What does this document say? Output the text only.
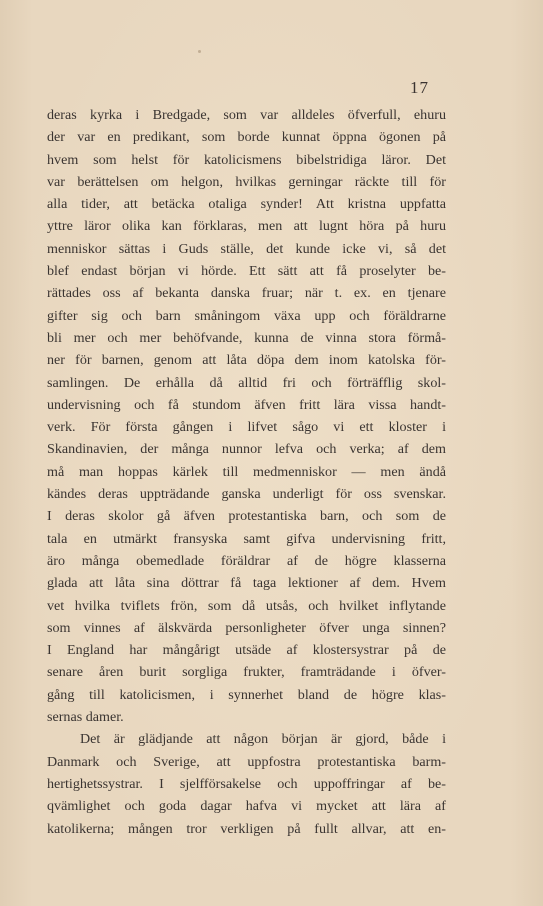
17
deras kyrka i Bredgade, som var alldeles öfverfull, ehuru
der var en predikant, som borde kunnat öppna ögonen på
hvem som helst för katolicismens bibelstridiga läror. Det
var berättelsen om helgon, hvilkas gerningar räckte till för
alla tider, att betäcka otaliga synder! Att kristna uppfatta
yttre läror olika kan förklaras, men att lugnt höra på huru
menniskor sättas i Guds ställe, det kunde icke vi, så det
blef endast början vi hörde. Ett sätt att få proselyter be-
rättades oss af bekanta danska fruar; när t. ex. en tjenare
gifter sig och barn småningom växa upp och föräldrarne
bli mer och mer behöfvande, kunna de vinna stora förmå-
ner för barnen, genom att låta döpa dem inom katolska för-
samlingen. De erhålla då alltid fri och förträfflig skol-
undervisning och få stundom äfven fritt lära vissa handt-
verk. För första gången i lifvet sågo vi ett kloster i
Skandinavien, der många nunnor lefva och verka; af dem
må man hoppas kärlek till medmenniskor — men ändå
kändes deras uppträdande ganska underligt för oss svenskar.
I deras skolor gå äfven protestantiska barn, och som de
tala en utmärkt fransyska samt gifva undervisning fritt,
äro många obemedlade föräldrar af de högre klasserna
glada att låta sina döttrar få taga lektioner af dem. Hvem
vet hvilka tviflets frön, som då utsås, och hvilket inflytande
som vinnes af älskvärda personligheter öfver unga sinnen?
I England har mångårigt utsäde af klostersystrar på de
senare åren burit sorgliga frukter, framträdande i öfver-
gång till katolicismen, i synnerhet bland de högre klas-
sernas damer.
Det är glädjande att någon början är gjord, både i
Danmark och Sverige, att uppfostra protestantiska barm-
hertighetssystrar. I sjelfförsakelse och uppoffringar af be-
qvämlighet och goda dagar hafva vi mycket att lära af
katolikerna; mången tror verkligen på fullt allvar, att en-
